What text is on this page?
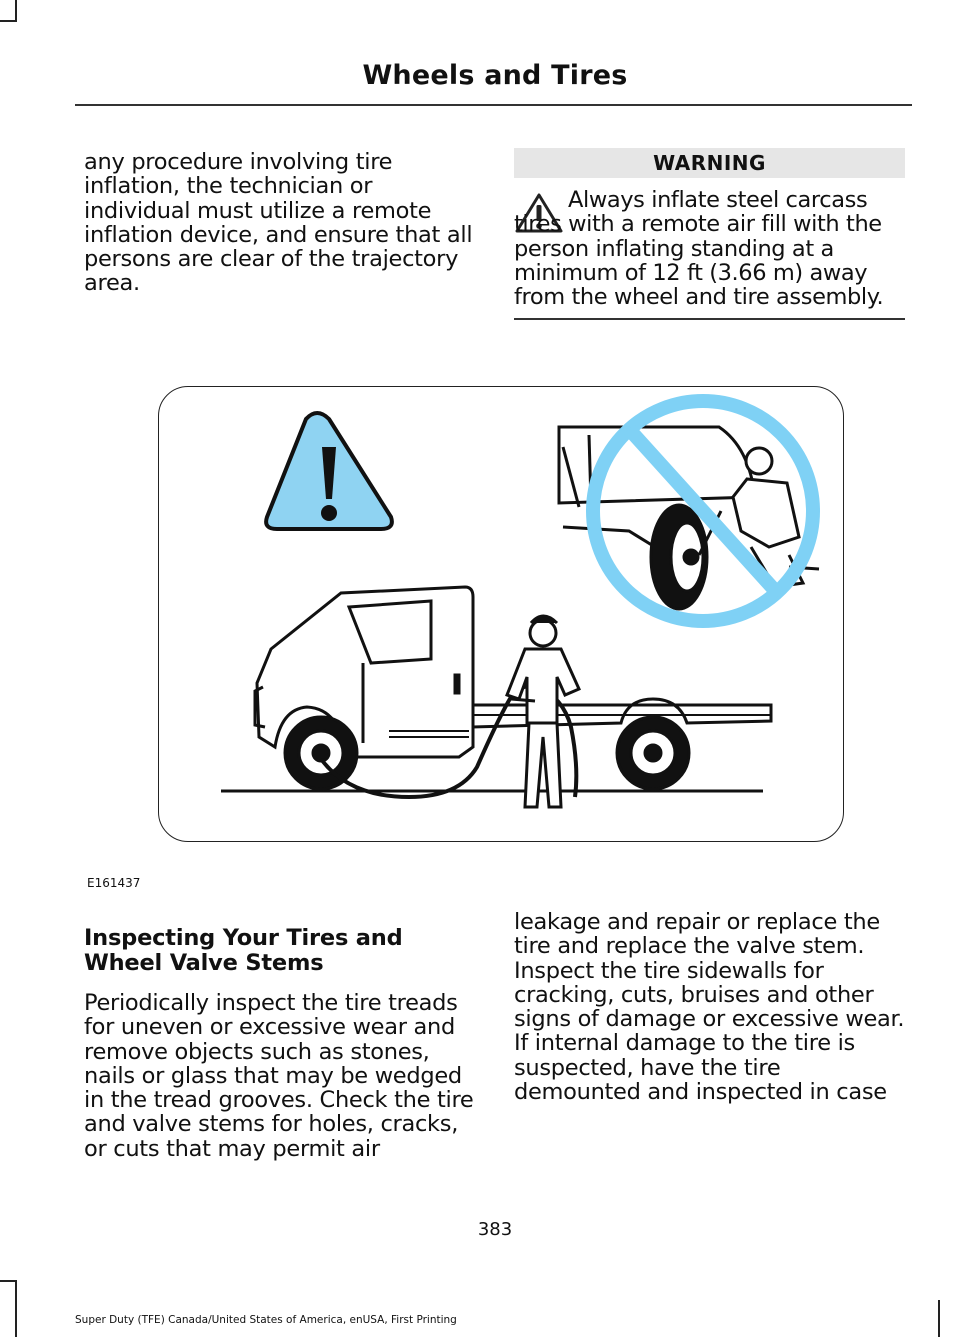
Wheels and Tires

any procedure involving tire inflation, the technician or individual must utilize a remote inflation device, and ensure that all persons are clear of the trajectory area.

WARNING
Always inflate steel carcass
tires with a remote air fill with the person inflating standing at a minimum of 12 ft (3.66 m) away from the wheel and tire assembly.
E161437
Inspecting Your Tires and
Wheel Valve Stems

Periodically inspect the tire treads for uneven or excessive wear and remove objects such as stones, nails or glass that may be wedged in the tread grooves. Check the tire and valve stems for holes, cracks, or cuts that may permit air

leakage and repair or replace the tire and replace the valve stem. Inspect the tire sidewalls for cracking, cuts, bruises and other signs of damage or excessive wear. If internal damage to the tire is suspected, have the tire demounted and inspected in case

383
Super Duty (TFE) Canada/United States of America, enUSA, First Printing
